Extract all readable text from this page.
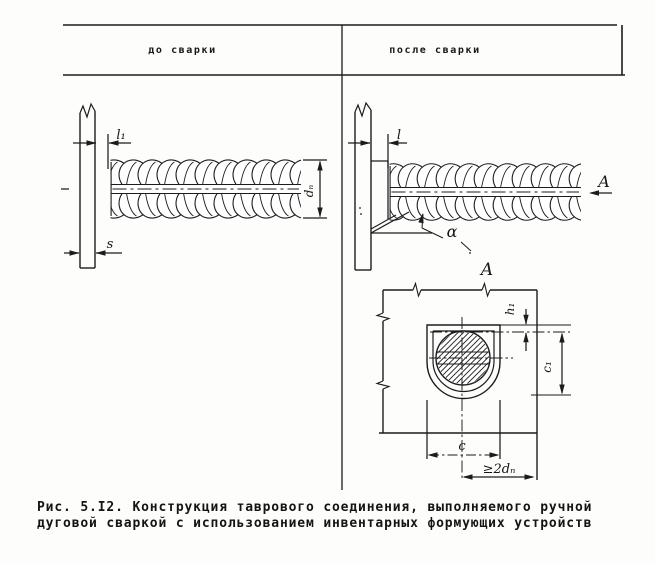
l₁
s
dₙ
l
α
A
A
h₁
c₁
c
≥2dₙ
до сварки	после сварки
Рис. 5.I2. Конструкция таврового соединения, выполняемого ручной
дуговой сваркой с использованием инвентарных формующих устройств
